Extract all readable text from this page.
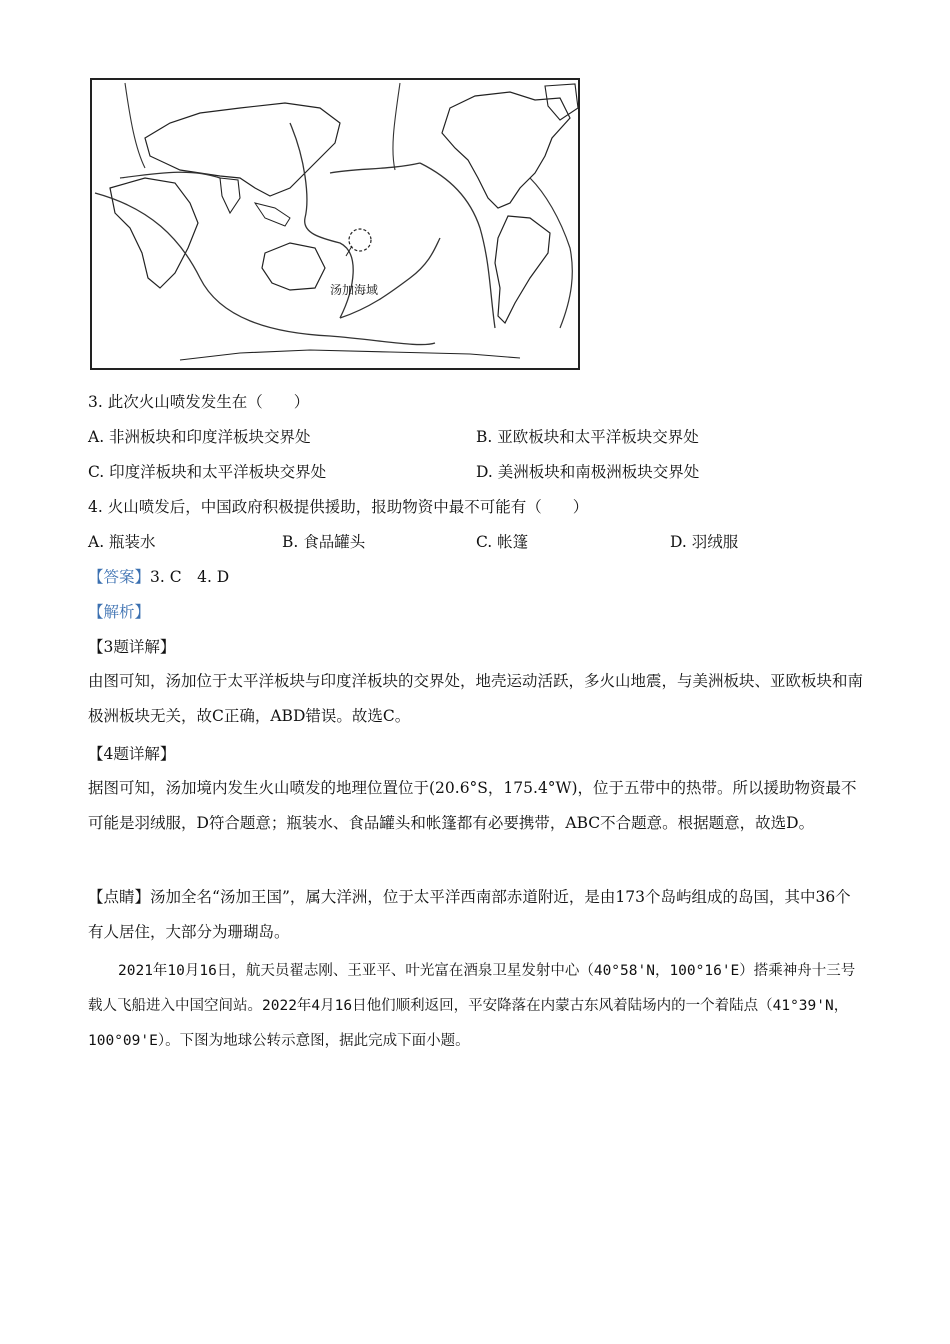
汤加海域
3. 此次火山喷发发生在（　　）
A. 非洲板块和印度洋板块交界处	B. 亚欧板块和太平洋板块交界处
C. 印度洋板块和太平洋板块交界处	D. 美洲板块和南极洲板块交界处
4. 火山喷发后，中国政府积极提供援助，报助物资中最不可能有（　　）
A. 瓶装水	B. 食品罐头	C. 帐篷	D. 羽绒服
【答案】3. C　4. D
【解析】
【3题详解】
由图可知，汤加位于太平洋板块与印度洋板块的交界处，地壳运动活跃，多火山地震，与美洲板块、亚欧板块和南极洲板块无关，故C正确，ABD错误。故选C。
【4题详解】
据图可知，汤加境内发生火山喷发的地理位置位于(20.6°S，175.4°W)，位于五带中的热带。所以援助物资最不可能是羽绒服，D符合题意；瓶装水、食品罐头和帐篷都有必要携带，ABC不合题意。根据题意，故选D。
【点睛】汤加全名“汤加王国”，属大洋洲，位于太平洋西南部赤道附近，是由173个岛屿组成的岛国，其中36个有人居住，大部分为珊瑚岛。
2021年10月16日，航天员翟志刚、王亚平、叶光富在酒泉卫星发射中心（40°58'N，100°16'E）搭乘神舟十三号载人飞船进入中国空间站。2022年4月16日他们顺利返回，平安降落在内蒙古东风着陆场内的一个着陆点（41°39'N，100°09'E）。下图为地球公转示意图，据此完成下面小题。
